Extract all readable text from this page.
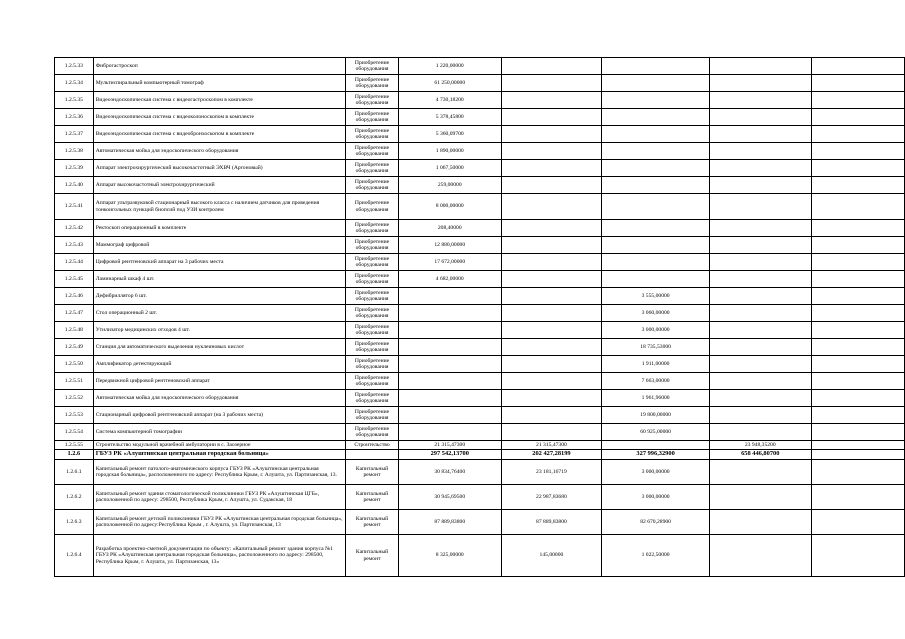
1.2.5.33	Фиброгастроскоп	Приобретение оборудования	1 220,00000				
1.2.5.34	Мультиспиральный компьютерный томограф	Приобретение оборудования	61 250,00000				
1.2.5.35	Видеоэндоскопическая система с видеогастроскопом в комплекте	Приобретение оборудования	4 730,18200				
1.2.5.36	Видеоэндоскопическая система с видеоколоноскопом в комплекте	Приобретение оборудования	5 378,45800				
1.2.5.37	Видеоэндоскопическая система с видеобронхоскопом в комплекте	Приобретение оборудования	5 360,09700				
1.2.5.38	Автоматическая мойка для эндоскопического оборудования	Приобретение оборудования	1 890,00000				
1.2.5.39	Аппарат электрохирургический высокочастотный ЭХВЧ (Аргоновый)	Приобретение оборудования	1 067,50000				
1.2.5.40	Аппарат высокочастотный электрохирургический	Приобретение оборудования	259,00000				
1.2.5.41	Аппарат ультразвуковой стационарный высокого класса с наличием датчиков для проведения тонкоигольных пункций биопсий под УЗИ контролем	Приобретение оборудования	8 000,00000				
1.2.5.42	Ректоскоп операционный в комплекте	Приобретение оборудования	208,40000				
1.2.5.43	Маммограф цифровой	Приобретение оборудования	12 880,00000				
1.2.5.44	Цифровой рентгеновский аппарат на 3 рабочих места	Приобретение оборудования	17 672,00000				
1.2.5.45	Ламинарный шкаф 4 шт.	Приобретение оборудования	4 682,00000				
1.2.5.46	Дефибриллятор 6 шт.	Приобретение оборудования			3 555,00000		
1.2.5.47	Стол операционный 2 шт.	Приобретение оборудования			3 060,00000		
1.2.5.48	Утилизатор медицинских отходов 4 шт.	Приобретение оборудования			3 000,00000		
1.2.5.49	Станция для автоматического выделения нуклеиновых кислот	Приобретение оборудования			18 735,53000		
1.2.5.50	Амплификатор детектирующий	Приобретение оборудования			1 911,00000		
1.2.5.51	Передвижной цифровой рентгеновский аппарат	Приобретение оборудования			7 663,00000		
1.2.5.52	Автоматическая мойка для эндоскопического оборудования	Приобретение оборудования			1 961,96000		
1.2.5.53	Стационарный цифровой рентгеновский аппарат (на 3 рабочих места)	Приобретение оборудования			19 800,00000		
1.2.5.54	Система компьютерной томографии	Приобретение оборудования			60 925,00000		
1.2.5.55	Строительство модульной врачебной амбулатории в с. Заозерное	Строительство	21 315,47300	21 315,47300		23 948,35200	
1.2.6	ГБУЗ РК «Алуштинская центральная городская больница»		297 542,13700	202 427,28199	327 996,32900	658 446,80700	
1.2.6.1	Капитальный ремонт патолого-анатомического корпуса ГБУЗ РК «Алуштинская центральная городская больница», расположенного по адресу: Республика Крым, г. Алушта, ул. Партизанская, 13.	Капитальный ремонт	30 834,76400	23 181,16719	3 000,00000		
1.2.6.2	Капитальный ремонт здания стоматологической поликлиники ГБУЗ РК «Алуштинская ЦГБ», расположенной по адресу: 298500, Республика Крым, г. Алушта, ул. Судакская, 18	Капитальный ремонт	30 945,69500	22 987,83680	3 000,00000		
1.2.6.3	Капитальный ремонт детской поликлиники ГБУЗ РК «Алуштинская центральная городская больница», расположенной по адресу:Республика Крым , г. Алушта, ул. Партизанская, 13	Капитальный ремонт	87 889,83800	87 889,83800	82 670,28900		
1.2.6.4	Разработка проектно-сметной документации по объекту: «Капитальный ремонт здания корпуса №1 ГБУЗ РК «Алуштинская центральная городская больница», расположенного по адресу: 298500, Республика Крым, г. Алушта, ул. Партизанская, 13»	Капитальный ремонт	8 325,00000	145,00000	1 022,50000		
